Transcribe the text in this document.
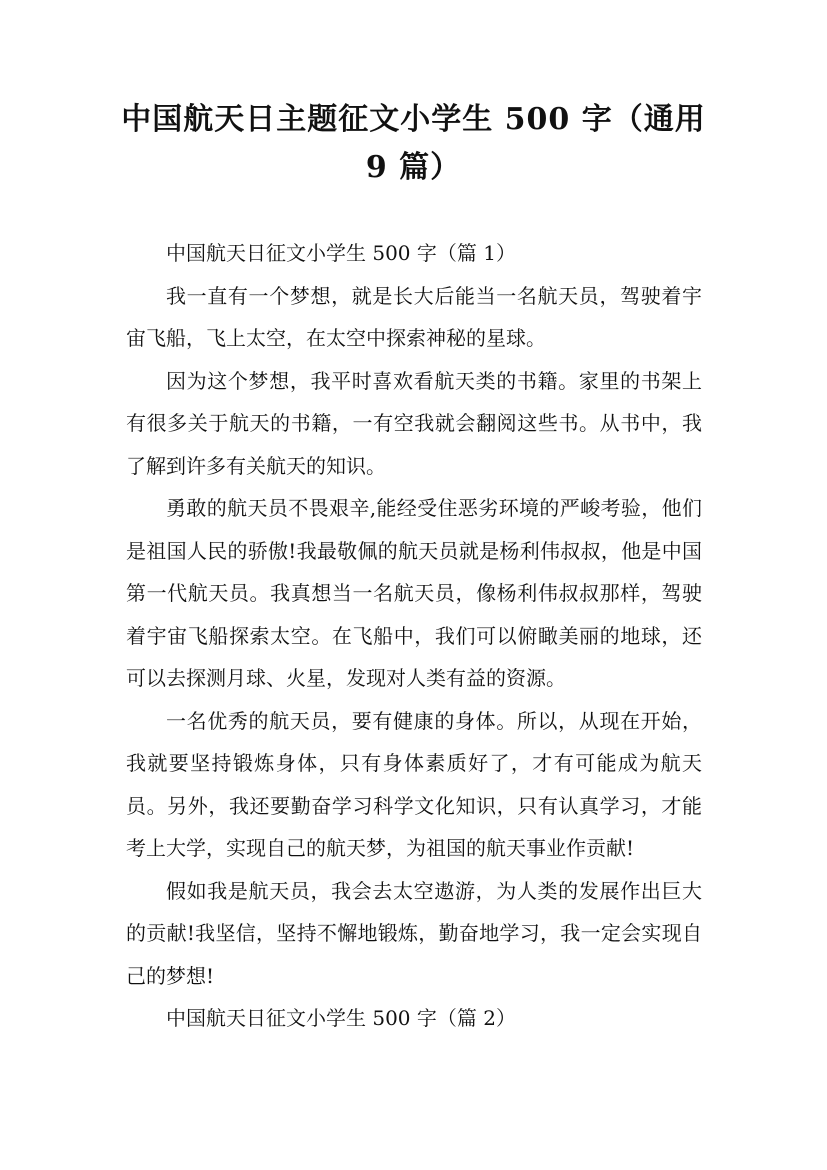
中国航天日主题征文小学生 500 字（通用 9 篇）

中国航天日征文小学生 500 字（篇 1）

我一直有一个梦想，就是长大后能当一名航天员，驾驶着宇宙飞船，飞上太空，在太空中探索神秘的星球。

因为这个梦想，我平时喜欢看航天类的书籍。家里的书架上有很多关于航天的书籍，一有空我就会翻阅这些书。从书中，我了解到许多有关航天的知识。

勇敢的航天员不畏艰辛,能经受住恶劣环境的严峻考验，他们是祖国人民的骄傲!我最敬佩的航天员就是杨利伟叔叔，他是中国第一代航天员。我真想当一名航天员，像杨利伟叔叔那样，驾驶着宇宙飞船探索太空。在飞船中，我们可以俯瞰美丽的地球，还可以去探测月球、火星，发现对人类有益的资源。

一名优秀的航天员，要有健康的身体。所以，从现在开始，我就要坚持锻炼身体，只有身体素质好了，才有可能成为航天员。另外，我还要勤奋学习科学文化知识，只有认真学习，才能考上大学，实现自己的航天梦，为祖国的航天事业作贡献!

假如我是航天员，我会去太空遨游，为人类的发展作出巨大的贡献!我坚信，坚持不懈地锻炼，勤奋地学习，我一定会实现自己的梦想!

中国航天日征文小学生 500 字（篇 2）
